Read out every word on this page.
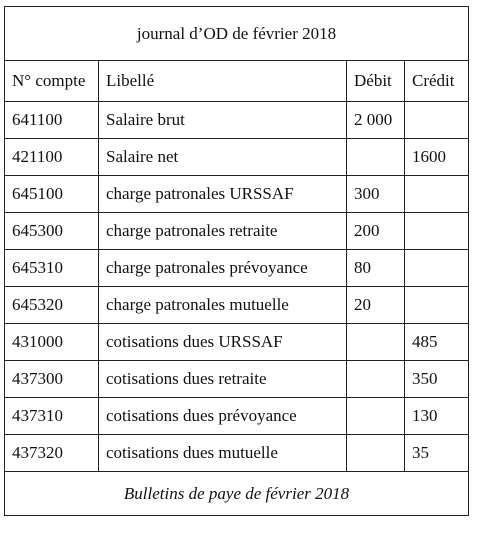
journal d’OD de février 2018			
N° compte	Libellé	Débit	Crédit
641100	Salaire brut	2 000	
421100	Salaire net		1600
645100	charge patronales URSSAF	300	
645300	charge patronales retraite	200	
645310	charge patronales prévoyance	80	
645320	charge patronales mutuelle	20	
431000	cotisations dues URSSAF		485
437300	cotisations dues retraite		350
437310	cotisations dues prévoyance		130
437320	cotisations dues mutuelle		35
Bulletins de paye de février 2018			
